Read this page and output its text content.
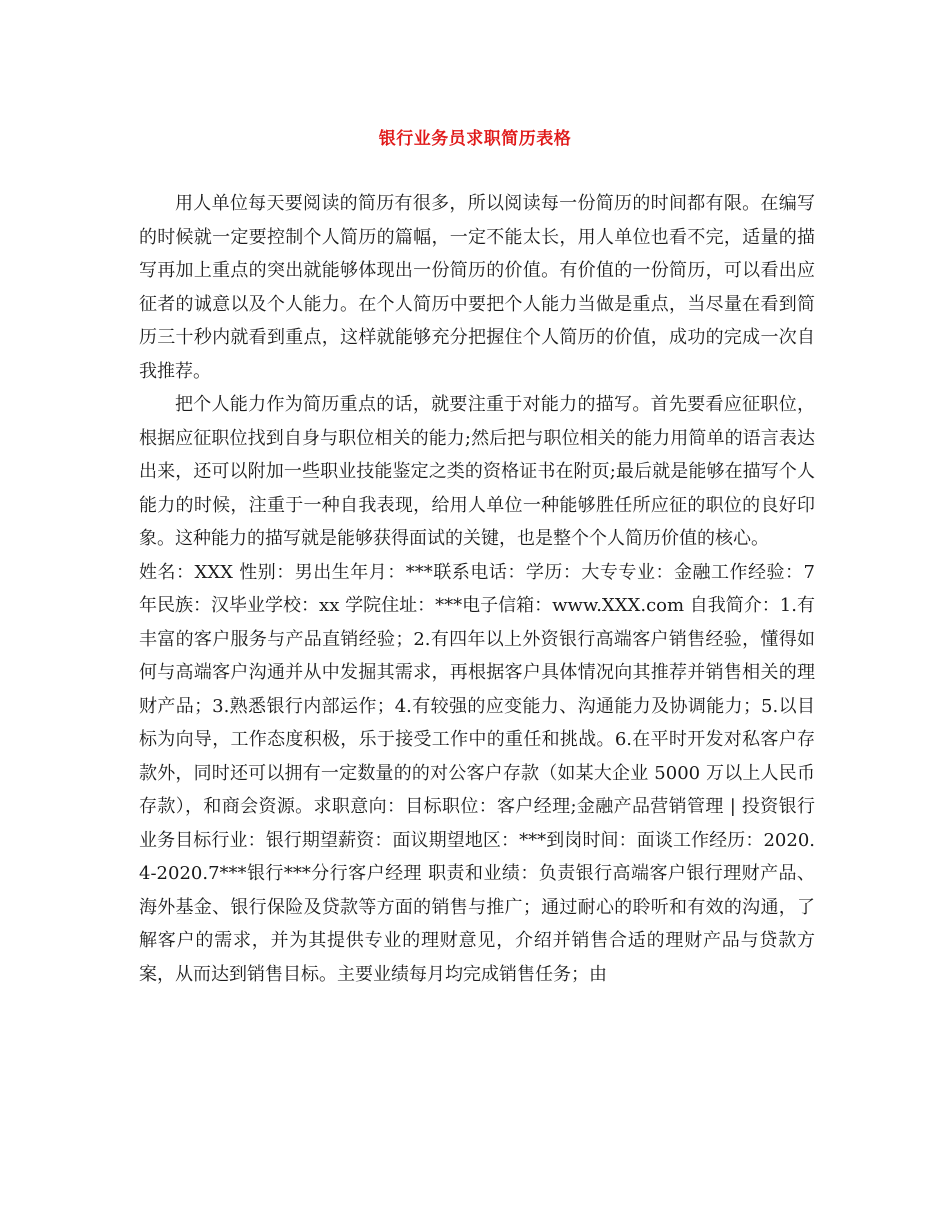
银行业务员求职简历表格

用人单位每天要阅读的简历有很多，所以阅读每一份简历的时间都有限。在编写的时候就一定要控制个人简历的篇幅，一定不能太长，用人单位也看不完，适量的描写再加上重点的突出就能够体现出一份简历的价值。有价值的一份简历，可以看出应征者的诚意以及个人能力。在个人简历中要把个人能力当做是重点，当尽量在看到简历三十秒内就看到重点，这样就能够充分把握住个人简历的价值，成功的完成一次自我推荐。

把个人能力作为简历重点的话，就要注重于对能力的描写。首先要看应征职位，根据应征职位找到自身与职位相关的能力;然后把与职位相关的能力用简单的语言表达出来，还可以附加一些职业技能鉴定之类的资格证书在附页;最后就是能够在描写个人能力的时候，注重于一种自我表现，给用人单位一种能够胜任所应征的职位的良好印象。这种能力的描写就是能够获得面试的关键，也是整个个人简历价值的核心。

姓名：XXX 性别：男出生年月：***联系电话：学历：大专专业：金融工作经验：7年民族：汉毕业学校：xx 学院住址：***电子信箱：www.XXX.com 自我简介：1.有丰富的客户服务与产品直销经验；2.有四年以上外资银行高端客户销售经验，懂得如何与高端客户沟通并从中发掘其需求，再根据客户具体情况向其推荐并销售相关的理财产品；3.熟悉银行内部运作；4.有较强的应变能力、沟通能力及协调能力；5.以目标为向导，工作态度积极，乐于接受工作中的重任和挑战。6.在平时开发对私客户存款外，同时还可以拥有一定数量的的对公客户存款（如某大企业 5000 万以上人民币存款），和商会资源。求职意向：目标职位：客户经理;金融产品营销管理 | 投资银行业务目标行业：银行期望薪资：面议期望地区：***到岗时间：面谈工作经历：2020.4-2020.7***银行***分行客户经理 职责和业绩：负责银行高端客户银行理财产品、海外基金、银行保险及贷款等方面的销售与推广；通过耐心的聆听和有效的沟通，了解客户的需求，并为其提供专业的理财意见，介绍并销售合适的理财产品与贷款方案，从而达到销售目标。主要业绩每月均完成销售任务；由
